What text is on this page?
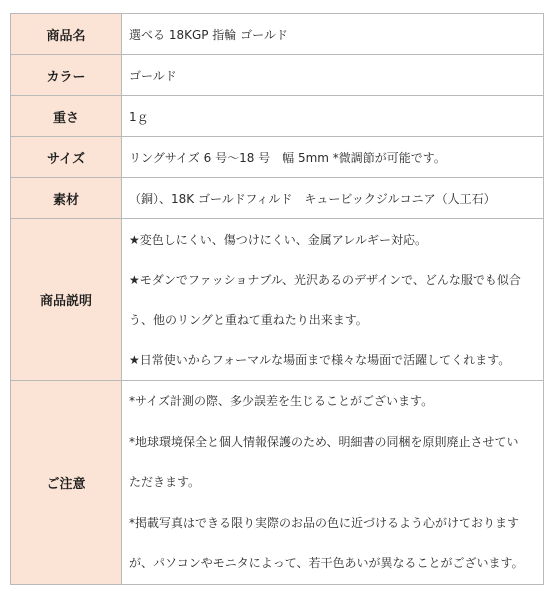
商品名	選べる 18KGP 指輪 ゴールド
カラー	ゴールド
重さ	1ｇ
サイズ	リングサイズ 6 号～18 号　幅 5mm *微調節が可能です。
素材	（銅）、18K ゴールドフィルド　キュービックジルコニア（人工石）
商品説明	★変色しにくい、傷つけにくい、金属アレルギー対応。
★モダンでファッショナブル、光沢あるのデザインで、どんな服でも似合
う、他のリングと重ねて重ねたり出来ます。
★日常使いからフォーマルな場面まで様々な場面で活躍してくれます。

ご注意	*サイズ計測の際、多少誤差を生じることがございます。
*地球環境保全と個人情報保護のため、明細書の同梱を原則廃止させてい
ただきます。
*掲載写真はできる限り実際のお品の色に近づけるよう心がけております
が、パソコンやモニタによって、若干色あいが異なることがございます。
